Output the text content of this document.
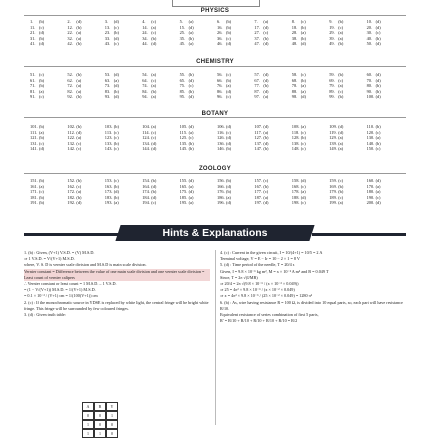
PHYSICS
1.	(b)	2.	(d)	3.	(d)	4.	(c)	5.	(a)	6.	(b)	7.	(a)	8.	(c)	9.	(b)	10. (d)
11. (c)	12. (b)	13. (c)	14. (a)	15. (d)	16. (b)	17. (d)	18. (b)	19. (c)	20. (d)
21. (d)	22. (a)	23. (b)	24. (c)	25. (a)	26. (b)	27. (c)	28. (a)	29. (a)	30. (c)
31. (b)	32. (a)	33. (d)	34. (b)	35. (b)	36. (c)	37. (b)	38. (b)	39. (a)	40. (b)
41. (d)	42. (b)	43. (c)	44. (d)	45. (a)	46. (d)	47. (d)	48. (d)	49. (b)	50. (d)
CHEMISTRY
51. (c)	52. (b)	53. (d)	54. (a)	55. (b)	56. (c)	57. (d)	58. (c)	59. (b)	60. (d)
61. (b)	62. (a)	63. (a)	64. (c)	65. (d)	66. (b)	67. (d)	68. (b)	69. (c)	70. (d)
71. (b)	72. (a)	73. (d)	74. (a)	75. (c)	76. (a)	77. (b)	78. (a)	79. (a)	80. (b)
81. (a)	82. (a)	83. (b)	84. (b)	85. (b)	86. (d)	87. (d)	88. (a)	89. (c)	90. (b)
91. (c)	92. (b)	93. (d)	94. (a)	95. (d)	96. (c)	97. (a)	98. (d)	99. (b)	100. (d)
BOTANY
101. (b)	102. (b)	103. (b)	104. (a)	105. (d)	106. (d)	107. (d)	108. (a)	109. (d)	110. (b)
111. (a)	112. (d)	113. (c)	114. (c)	115. (a)	116. (c)	117. (a)	118. (c)	119. (d)	120. (c)
121. (b)	122. (a)	123. (c)	124. (c)	125. (c)	126. (d)	127. (b)	128. (b)	129. (a)	130. (a)
131. (c)	132. (c)	133. (b)	134. (d)	135. (b)	136. (d)	137. (d)	138. (c)	139. (a)	140. (b)
141. (d)	142. (c)	143. (c)	144. (d)	145. (b)	146. (b)	147. (b)	148. (c)	149. (a)	150. (c)
ZOOLOGY
151. (b)	152. (b)	153. (c)	154. (b)	155. (d)	156. (b)	157. (c)	158. (d)	159. (c)	160. (d)
161. (a)	162. (c)	163. (b)	164. (d)	165. (a)	166. (d)	167. (b)	168. (c)	169. (b)	170. (a)
171. (c)	172. (a)	173. (d)	174. (b)	175. (d)	176. (b)	177. (c)	178. (a)	179. (b)	180. (a)
181. (b)	182. (b)	183. (b)	184. (d)	185. (a)	186. (a)	187. (a)	188. (d)	189. (c)	190. (c)
191. (b)	192. (d)	193. (a)	194. (c)	195. (a)	196. (d)	197. (d)	198. (c)	199. (a)	200. (d)
Hints & Explanations

1. (b) : Given, (V+1) V.S.D. = (V) M.S.D.

⇒ 1 V.S.D. = V/(V+1) M.S.D.

where, V. S. D is vernier scale division and M.S.D is main scale division.

Vernier constant = Difference between the value of one main scale division and one vernier scale division = Least count of vernier calipers

∴ Vernier constant or least count = 1 M.S.D. – 1 V.S.D.

= (1 − V/(V+1)) M.S.D. = 1/(V+1) M.S.D.

= 0.1 × 10⁻² / (V+1) cm = 1/(100(V+1)) cm

2. (c) : If the monochromatic source in YDSE is replaced by white light, the central fringe will be bright white fringe. This fringe will be surrounded by few coloured fringes.

3. (d) : Given truth table:

A	B	Y
0	0	1
1	0	0
1	1	0

4. (c) : Current in the given circuit, I = 10/(4+1) = 10/5 = 2 A

Terminal voltage, V = E − Ir = 10 − 2 × 1 = 8 V

5. (d) : Time period of the needle, T = 20/4 s

Given, I = 9.8 × 10⁻⁶ kg m², M = x × 10⁻² A m² and B = 0.049 T

Since, T = 2π √(I/MB)

⇒ 20/4 = 2π √(9.8 × 10⁻⁶ / (x × 10⁻² × 0.049))

⇒ 25 = 4π² × 9.8 × 10⁻⁶ / (x × 10⁻² × 0.049)

⇒ x = 4π² × 9.8 × 10⁻⁶ / (25 × 10⁻² × 0.049) = 1280 π²

6. (b) : As, wire having resistance R = 100 Ω, is divided into 10 equal parts, so, each part will have resistance R/10.

Equivalent resistance of series combination of first 5 parts,

R′ = R/10 + R/10 + R/10 + R/10 + R/10 = R/2
